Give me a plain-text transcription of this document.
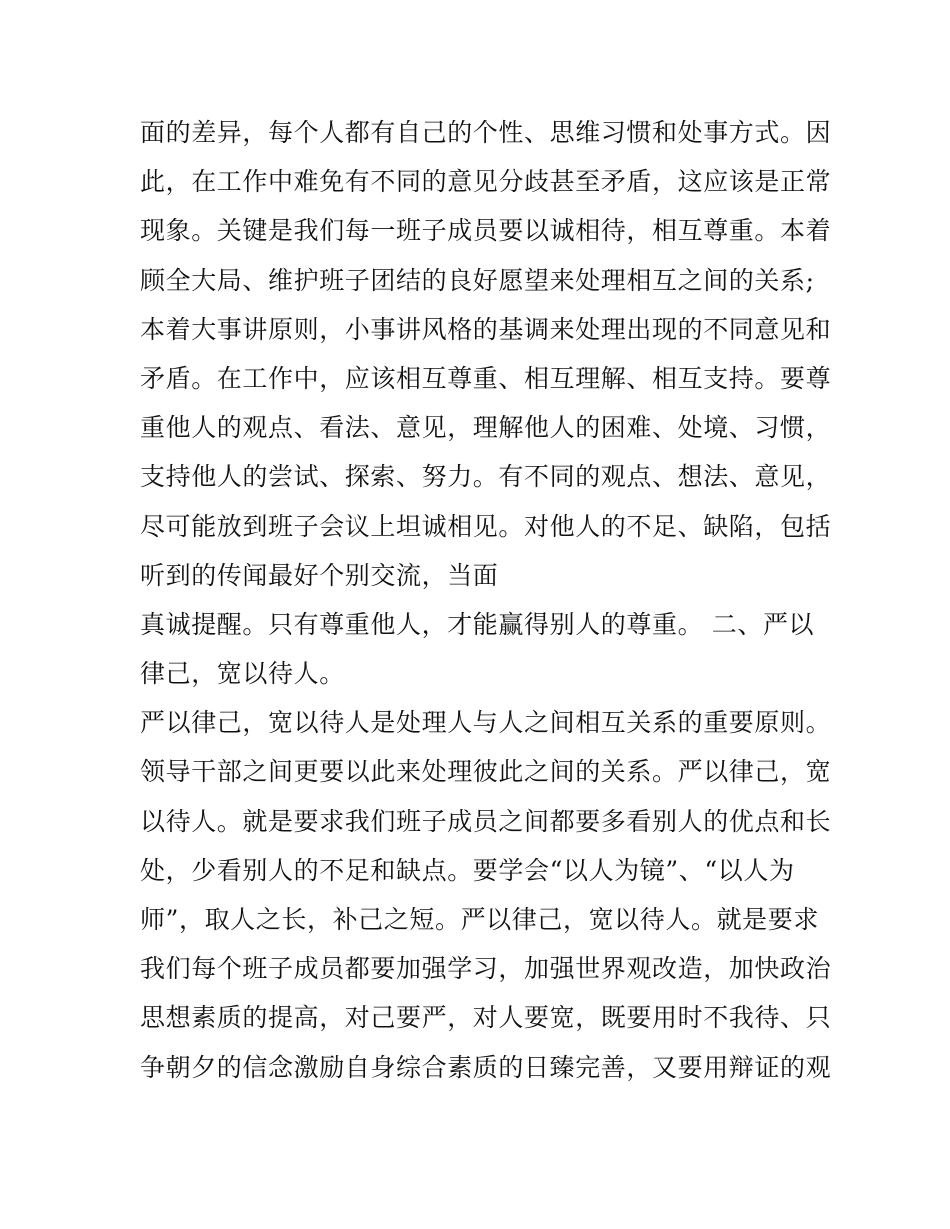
面的差异，每个人都有自己的个性、思维习惯和处事方式。因
此，在工作中难免有不同的意见分歧甚至矛盾，这应该是正常
现象。关键是我们每一班子成员要以诚相待，相互尊重。本着
顾全大局、维护班子团结的良好愿望来处理相互之间的关系;
本着大事讲原则，小事讲风格的基调来处理出现的不同意见和
矛盾。在工作中，应该相互尊重、相互理解、相互支持。要尊
重他人的观点、看法、意见，理解他人的困难、处境、习惯，
支持他人的尝试、探索、努力。有不同的观点、想法、意见，
尽可能放到班子会议上坦诚相见。对他人的不足、缺陷，包括
听到的传闻最好个别交流，当面
真诚提醒。只有尊重他人，才能赢得别人的尊重。 二、严以
律己，宽以待人。
严以律己，宽以待人是处理人与人之间相互关系的重要原则。
领导干部之间更要以此来处理彼此之间的关系。严以律己，宽
以待人。就是要求我们班子成员之间都要多看别人的优点和长
处，少看别人的不足和缺点。要学会“以人为镜”、“以人为
师”，取人之长，补己之短。严以律己，宽以待人。就是要求
我们每个班子成员都要加强学习，加强世界观改造，加快政治
思想素质的提高，对己要严，对人要宽，既要用时不我待、只
争朝夕的信念激励自身综合素质的日臻完善，又要用辩证的观
